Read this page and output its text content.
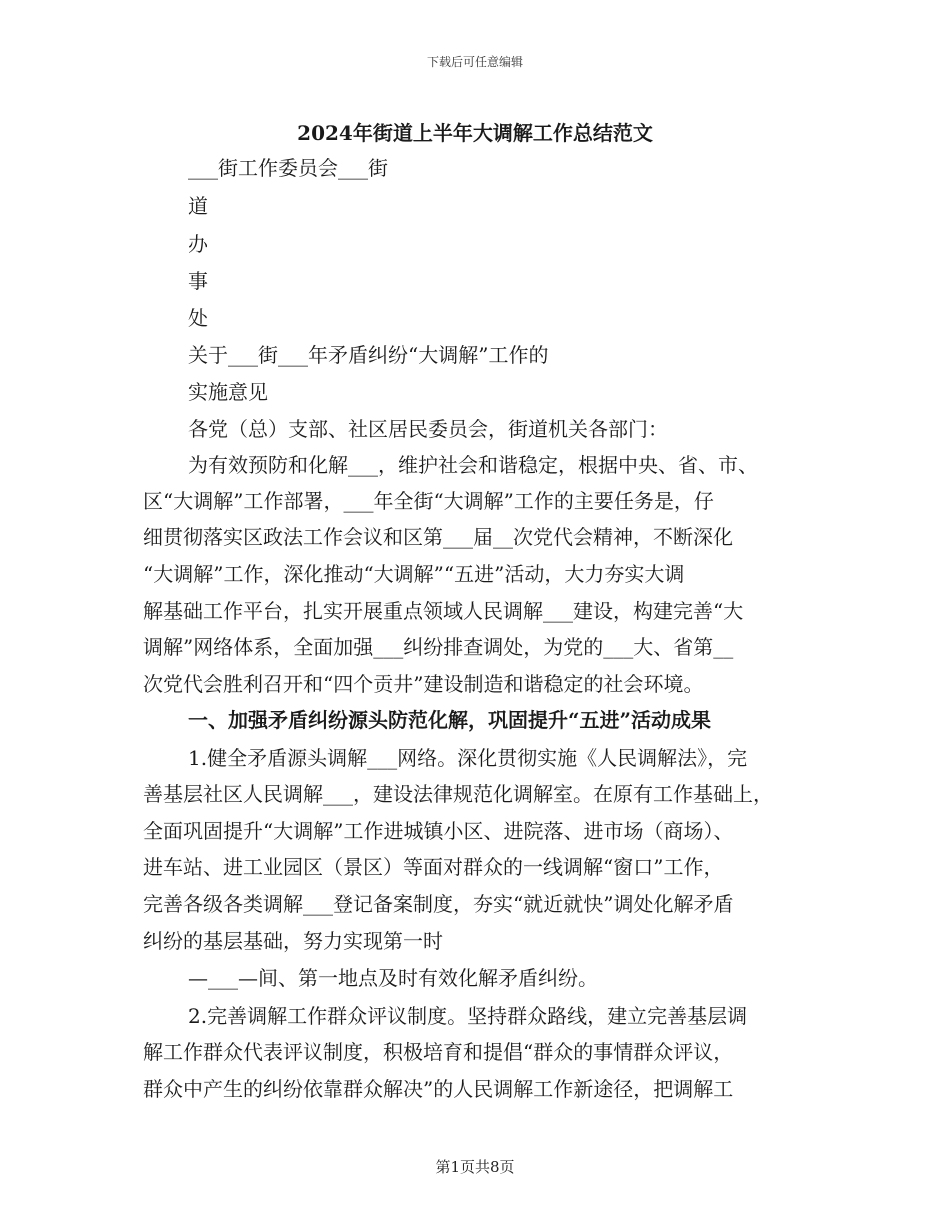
下载后可任意编辑
2024年街道上半年大调解工作总结范文
___街工作委员会___街
道
办
事
处
关于___街___年矛盾纠纷“大调解”工作的
实施意见
各党（总）支部、社区居民委员会，街道机关各部门：
为有效预防和化解___，维护社会和谐稳定，根据中央、省、市、
区“大调解”工作部署，___年全街“大调解”工作的主要任务是，仔
细贯彻落实区政法工作会议和区第___届__次党代会精神，不断深化
“大调解”工作，深化推动“大调解”“五进”活动，大力夯实大调
解基础工作平台，扎实开展重点领域人民调解___建设，构建完善“大
调解”网络体系，全面加强___纠纷排查调处，为党的___大、省第__
次党代会胜利召开和“四个贡井”建设制造和谐稳定的社会环境。
一、加强矛盾纠纷源头防范化解，巩固提升“五进”活动成果
1.健全矛盾源头调解___网络。深化贯彻实施《人民调解法》，完
善基层社区人民调解___，建设法律规范化调解室。在原有工作基础上，
全面巩固提升“大调解”工作进城镇小区、进院落、进市场（商场）、
进车站、进工业园区（景区）等面对群众的一线调解“窗口”工作，
完善各级各类调解___登记备案制度，夯实“就近就快”调处化解矛盾
纠纷的基层基础，努力实现第一时
—___—间、第一地点及时有效化解矛盾纠纷。
2.完善调解工作群众评议制度。坚持群众路线，建立完善基层调
解工作群众代表评议制度，积极培育和提倡“群众的事情群众评议，
群众中产生的纠纷依靠群众解决”的人民调解工作新途径，把调解工
第1页共8页
